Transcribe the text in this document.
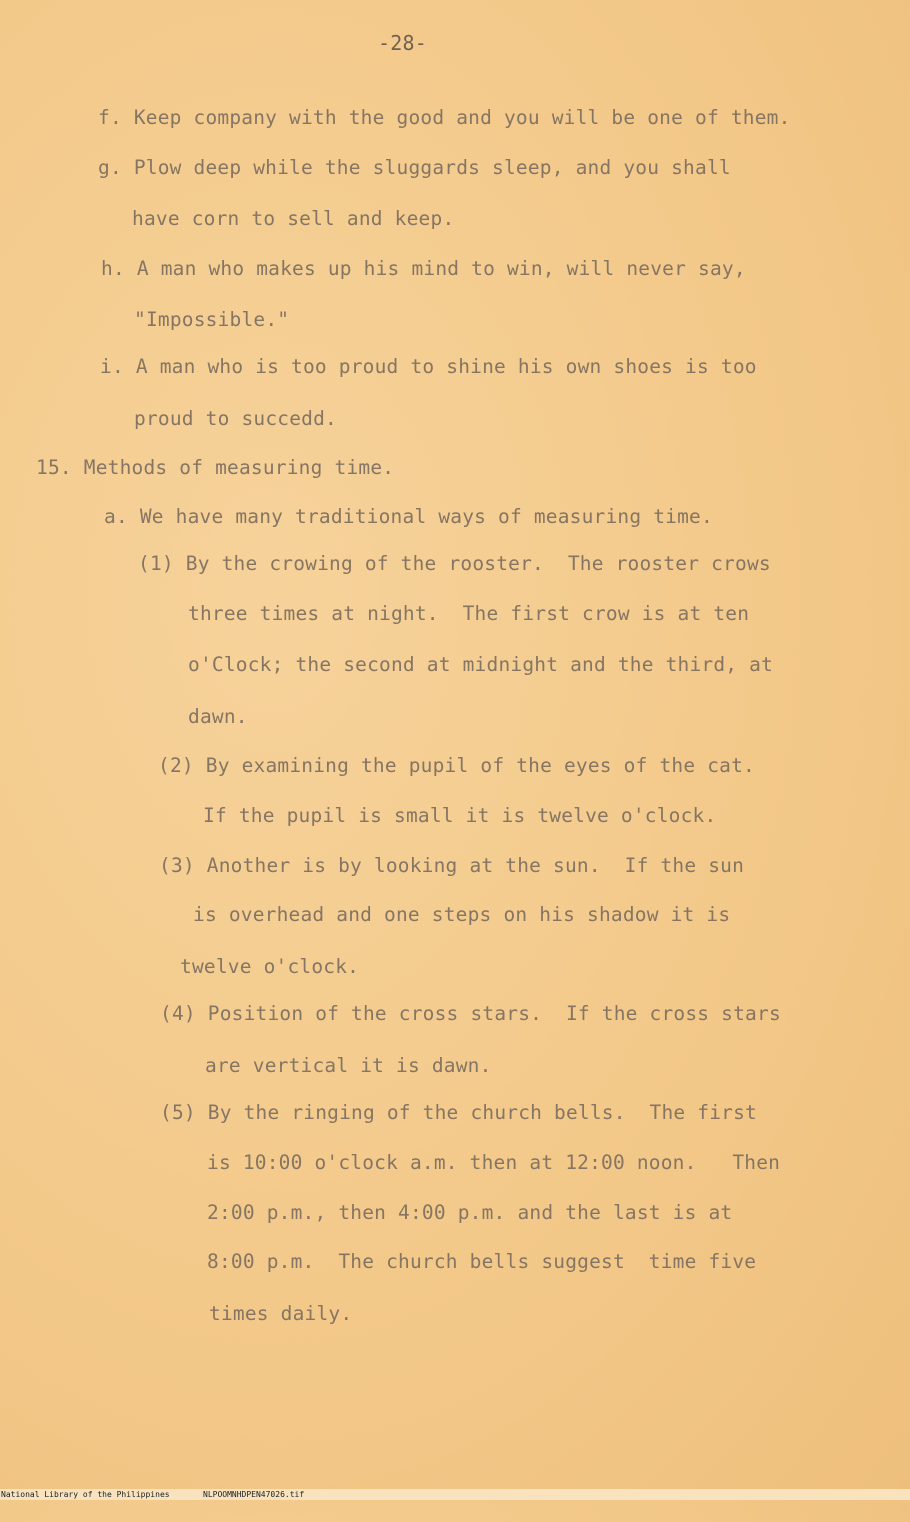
-28-
f. Keep company with the good and you will be one of them.
g. Plow deep while the sluggards sleep, and you shall
have corn to sell and keep.
h. A man who makes up his mind to win, will never say,
"Impossible."
i. A man who is too proud to shine his own shoes is too
proud to succedd.
15. Methods of measuring time.
a. We have many traditional ways of measuring time.
(1) By the crowing of the rooster.  The rooster crows
three times at night.  The first crow is at ten
o'Clock; the second at midnight and the third, at
dawn.
(2) By examining the pupil of the eyes of the cat.
If the pupil is small it is twelve o'clock.
(3) Another is by looking at the sun.  If the sun
is overhead and one steps on his shadow it is
twelve o'clock.
(4) Position of the cross stars.  If the cross stars
are vertical it is dawn.
(5) By the ringing of the church bells.  The first
is 10:00 o'clock a.m. then at 12:00 noon.   Then
2:00 p.m., then 4:00 p.m. and the last is at
8:00 p.m.  The church bells suggest  time five
times daily.

National Library of the Philippines

	NLPOOMNHDPEN47026.tif
